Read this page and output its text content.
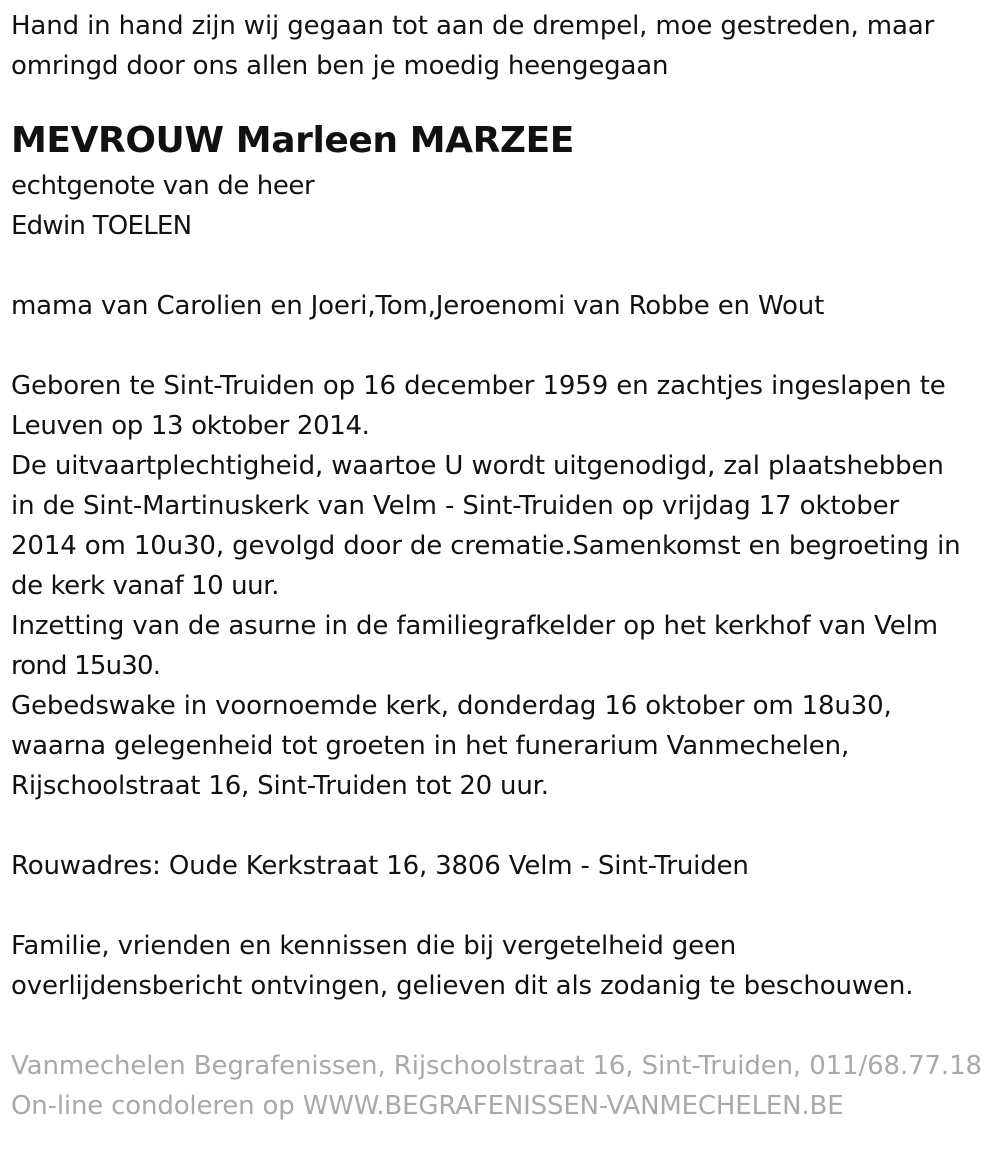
Hand in hand zijn wij gegaan tot aan de drempel, moe gestreden, maar
omringd door ons allen ben je moedig heengegaan
MEVROUW Marleen MARZEE
echtgenote van de heer
Edwin TOELEN
mama van Carolien en Joeri,Tom,Jeroenomi van Robbe en Wout
Geboren te Sint-Truiden op 16 december 1959 en zachtjes ingeslapen te
Leuven op 13 oktober 2014.
De uitvaartplechtigheid, waartoe U wordt uitgenodigd, zal plaatshebben
in de Sint-Martinuskerk van Velm - Sint-Truiden op vrijdag 17 oktober
2014 om 10u30, gevolgd door de crematie.Samenkomst en begroeting in
de kerk vanaf 10 uur.
Inzetting van de asurne in de familiegrafkelder op het kerkhof van Velm
rond 15u30.
Gebedswake in voornoemde kerk, donderdag 16 oktober om 18u30,
waarna gelegenheid tot groeten in het funerarium Vanmechelen,
Rijschoolstraat 16, Sint-Truiden tot 20 uur.
Rouwadres: Oude Kerkstraat 16, 3806 Velm - Sint-Truiden
Familie, vrienden en kennissen die bij vergetelheid geen
overlijdensbericht ontvingen, gelieven dit als zodanig te beschouwen.
Vanmechelen Begrafenissen, Rijschoolstraat 16, Sint-Truiden, 011/68.77.18
On-line condoleren op WWW.BEGRAFENISSEN-VANMECHELEN.BE
